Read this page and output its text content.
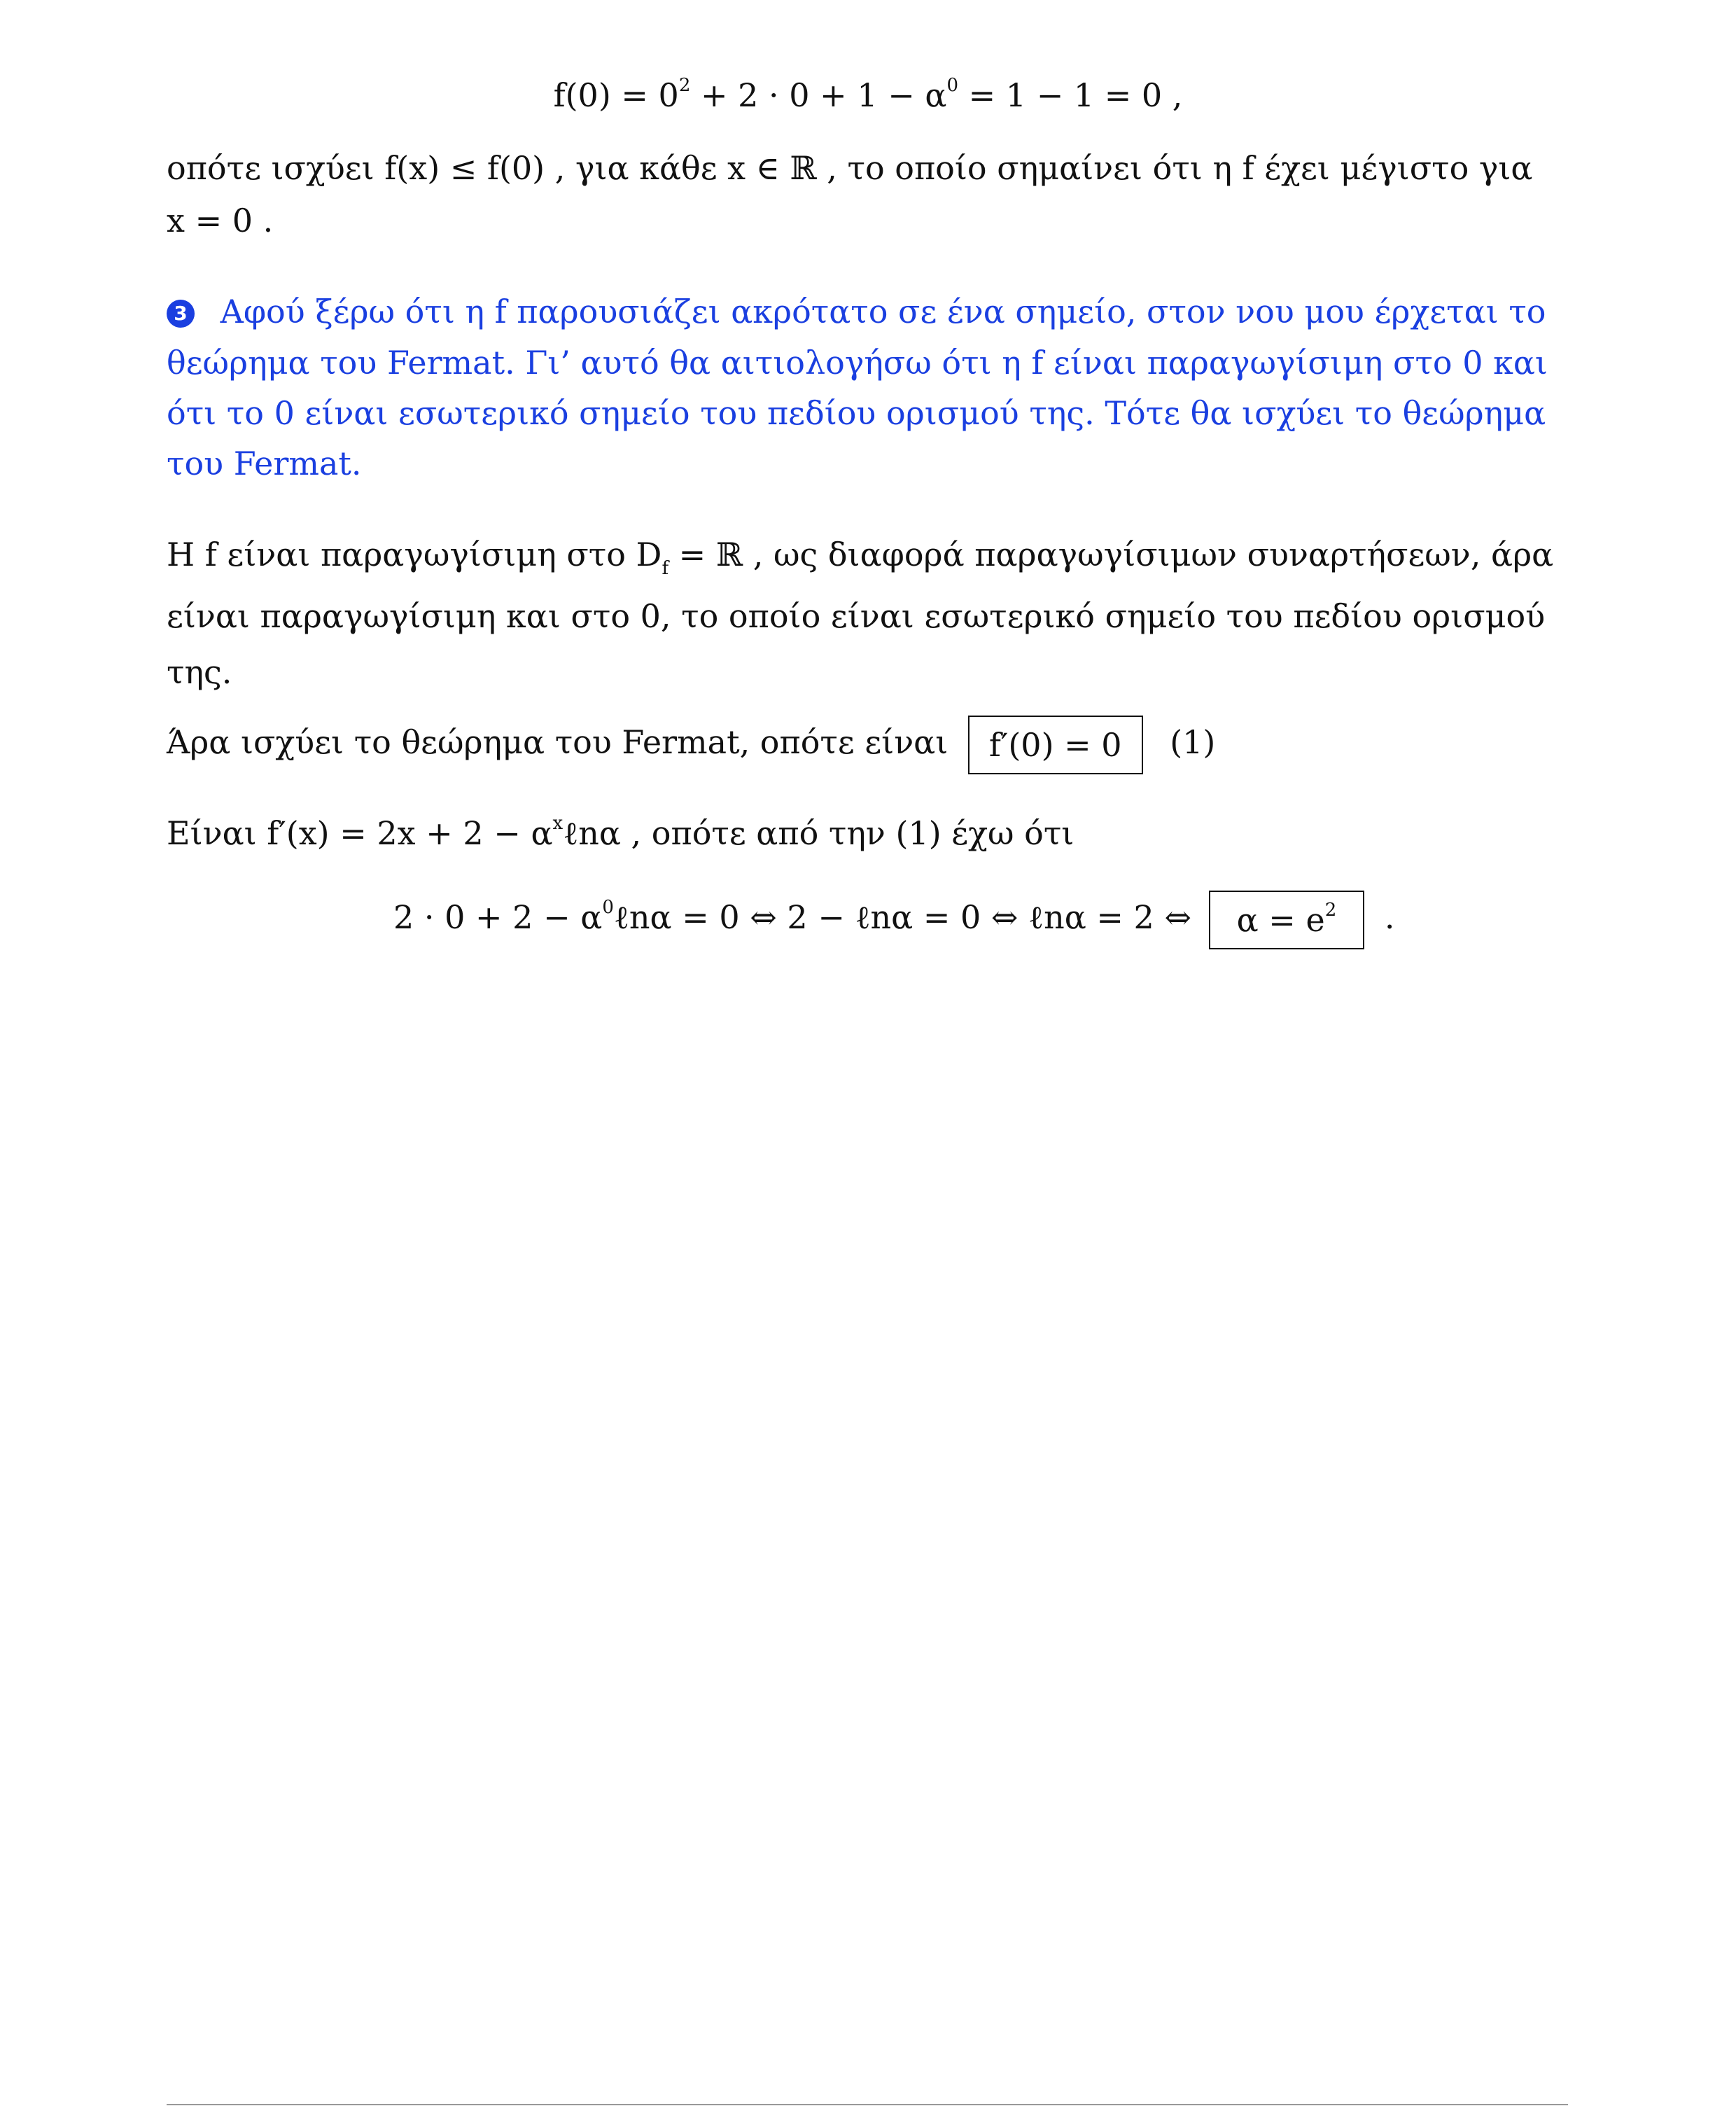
$f(0) = 0^2 + 2 \cdot 0 + 1 - \alpha^0 = 1 - 1 = 0$ ,
οπότε ισχύει f(x) ≤ f(0) , για κάθε x ∈ ℝ , το οποίο σημαίνει ότι η f έχει μέγιστο για
x = 0 .
3 Αφού ξέρω ότι η f παρουσιάζει ακρότατο σε ένα σημείο, στον νου μου έρχεται το
θεώρημα του Fermat. Γι’ αυτό θα αιτιολογήσω ότι η f είναι παραγωγίσιμη στο 0 και
ότι το 0 είναι εσωτερικό σημείο του πεδίου ορισμού της. Τότε θα ισχύει το θεώρημα
του Fermat.
Η f είναι παραγωγίσιμη στο $D_f$ = ℝ , ως διαφορά παραγωγίσιμων συναρτήσεων, άρα
είναι παραγωγίσιμη και στο 0, το οποίο είναι εσωτερικό σημείο του πεδίου ορισμού
της.
Άρα ισχύει το θεώρημα του Fermat, οπότε είναι f′(0) = 0 (1)
Είναι $f'(x) = 2x + 2 - \alpha^x\ell n\alpha$ , οπότε από την (1) έχω ότι
$2 \cdot 0 + 2 - \alpha^0\ell n\alpha = 0$ ⇔ 2 − ℓnα = 0 ⇔ ℓnα = 2 ⇔ $\alpha = e^2$ .
